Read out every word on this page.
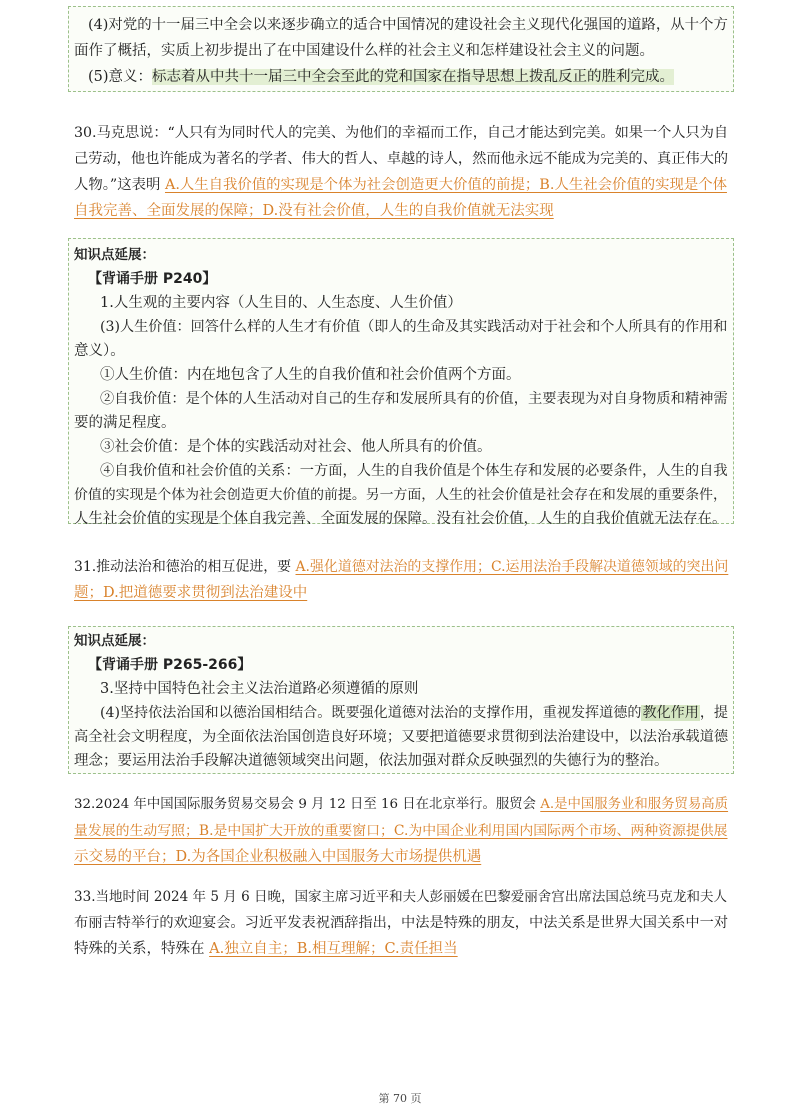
(4)对党的十一届三中全会以来逐步确立的适合中国情况的建设社会主义现代化强国的道路，从十个方
面作了概括，实质上初步提出了在中国建设什么样的社会主义和怎样建设社会主义的问题。
(5)意义：标志着从中共十一届三中全会至此的党和国家在指导思想上拨乱反正的胜利完成。
30.马克思说：“人只有为同时代人的完美、为他们的幸福而工作，自己才能达到完美。如果一个人只为自
己劳动，他也许能成为著名的学者、伟大的哲人、卓越的诗人，然而他永远不能成为完美的、真正伟大的
人物。”这表明 A.人生自我价值的实现是个体为社会创造更大价值的前提；B.人生社会价值的实现是个体
自我完善、全面发展的保障；D.没有社会价值，人生的自我价值就无法实现
知识点延展：
【背诵手册 P240】
1.人生观的主要内容（人生目的、人生态度、人生价值）
(3)人生价值：回答什么样的人生才有价值（即人的生命及其实践活动对于社会和个人所具有的作用和
意义）。
①人生价值：内在地包含了人生的自我价值和社会价值两个方面。
②自我价值：是个体的人生活动对自己的生存和发展所具有的价值，主要表现为对自身物质和精神需
要的满足程度。
③社会价值：是个体的实践活动对社会、他人所具有的价值。
④自我价值和社会价值的关系：一方面，人生的自我价值是个体生存和发展的必要条件，人生的自我
价值的实现是个体为社会创造更大价值的前提。另一方面，人生的社会价值是社会存在和发展的重要条件，
人生社会价值的实现是个体自我完善、全面发展的保障。没有社会价值，人生的自我价值就无法存在。
31.推动法治和德治的相互促进，要 A.强化道德对法治的支撑作用；C.运用法治手段解决道德领域的突出问
题；D.把道德要求贯彻到法治建设中
知识点延展：
【背诵手册 P265-266】
3.坚持中国特色社会主义法治道路必须遵循的原则
(4)坚持依法治国和以德治国相结合。既要强化道德对法治的支撑作用，重视发挥道德的教化作用，提
高全社会文明程度，为全面依法治国创造良好环境；又要把道德要求贯彻到法治建设中，以法治承载道德
理念；要运用法治手段解决道德领域突出问题，依法加强对群众反映强烈的失德行为的整治。
32.2024 年中国国际服务贸易交易会 9 月 12 日至 16 日在北京举行。服贸会 A.是中国服务业和服务贸易高质
量发展的生动写照；B.是中国扩大开放的重要窗口；C.为中国企业利用国内国际两个市场、两种资源提供展
示交易的平台；D.为各国企业积极融入中国服务大市场提供机遇
33.当地时间 2024 年 5 月 6 日晚，国家主席习近平和夫人彭丽媛在巴黎爱丽舍宫出席法国总统马克龙和夫人
布丽吉特举行的欢迎宴会。习近平发表祝酒辞指出，中法是特殊的朋友，中法关系是世界大国关系中一对
特殊的关系，特殊在 A.独立自主；B.相互理解；C.责任担当
第 70 页
